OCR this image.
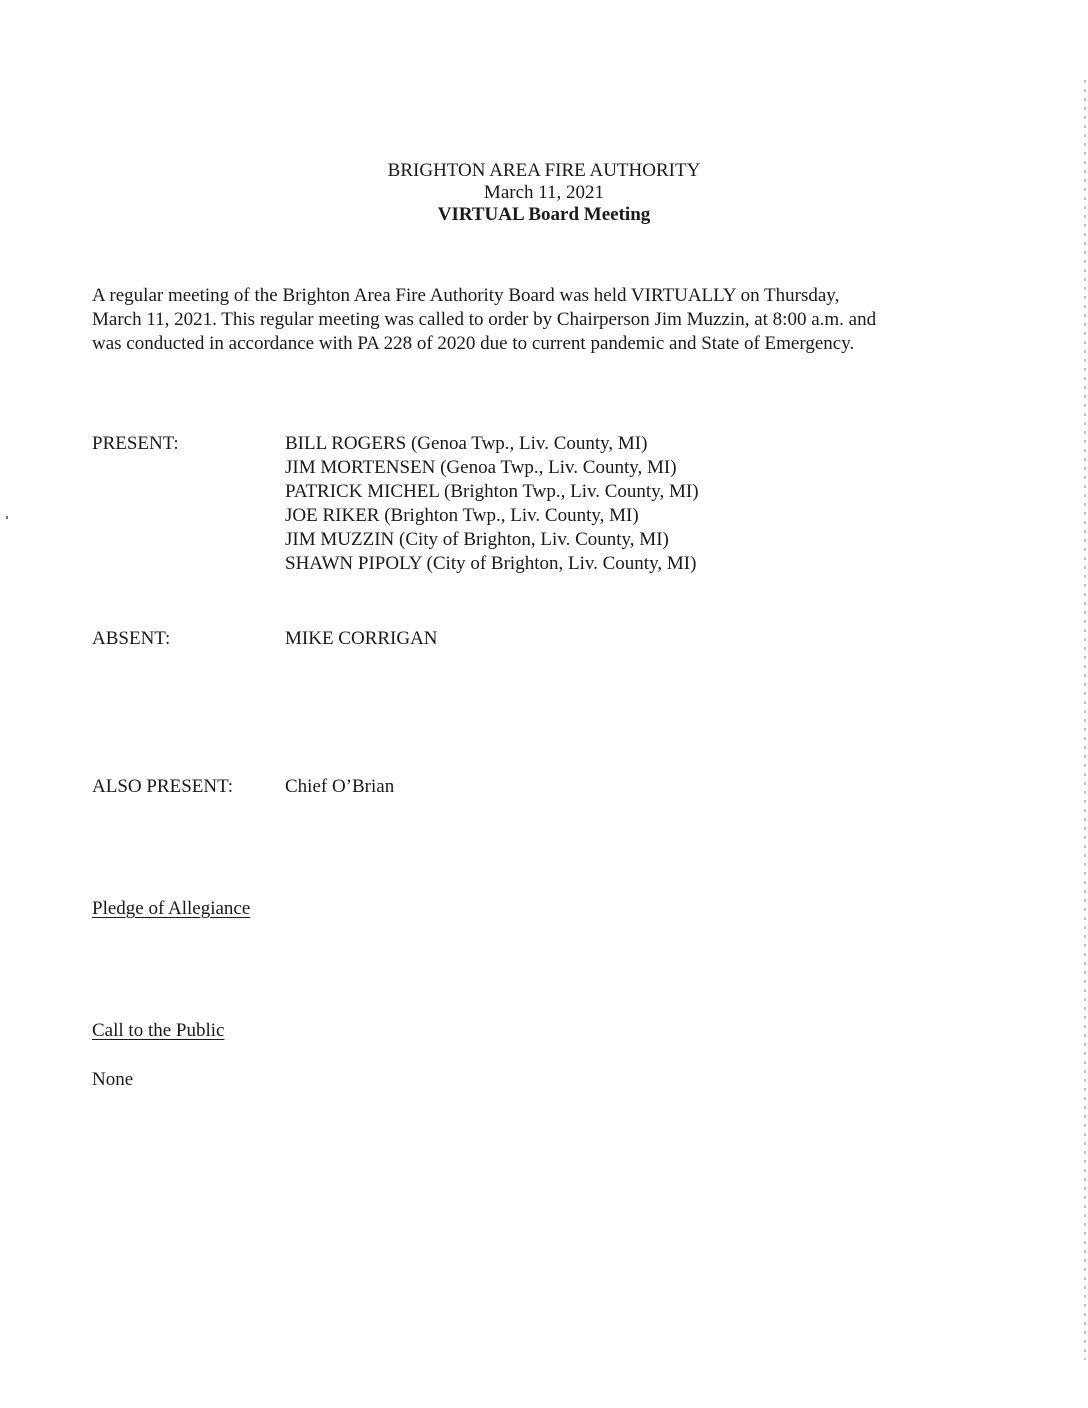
BRIGHTON AREA FIRE AUTHORITY
March 11, 2021
VIRTUAL Board Meeting

A regular meeting of the Brighton Area Fire Authority Board was held VIRTUALLY on Thursday,

March 11, 2021. This regular meeting was called to order by Chairperson Jim Muzzin, at 8:00 a.m. and

was conducted in accordance with PA 228 of 2020 due to current pandemic and State of Emergency.

PRESENT:	BILL ROGERS (Genoa Twp., Liv. County, MI)
JIM MORTENSEN (Genoa Twp., Liv. County, MI)
PATRICK MICHEL (Brighton Twp., Liv. County, MI)
JOE RIKER (Brighton Twp., Liv. County, MI)
JIM MUZZIN (City of Brighton, Liv. County, MI)
SHAWN PIPOLY (City of Brighton, Liv. County, MI)
ABSENT:	MIKE CORRIGAN
ALSO PRESENT:	Chief O’Brian
Pledge of Allegiance
Call to the Public
None
